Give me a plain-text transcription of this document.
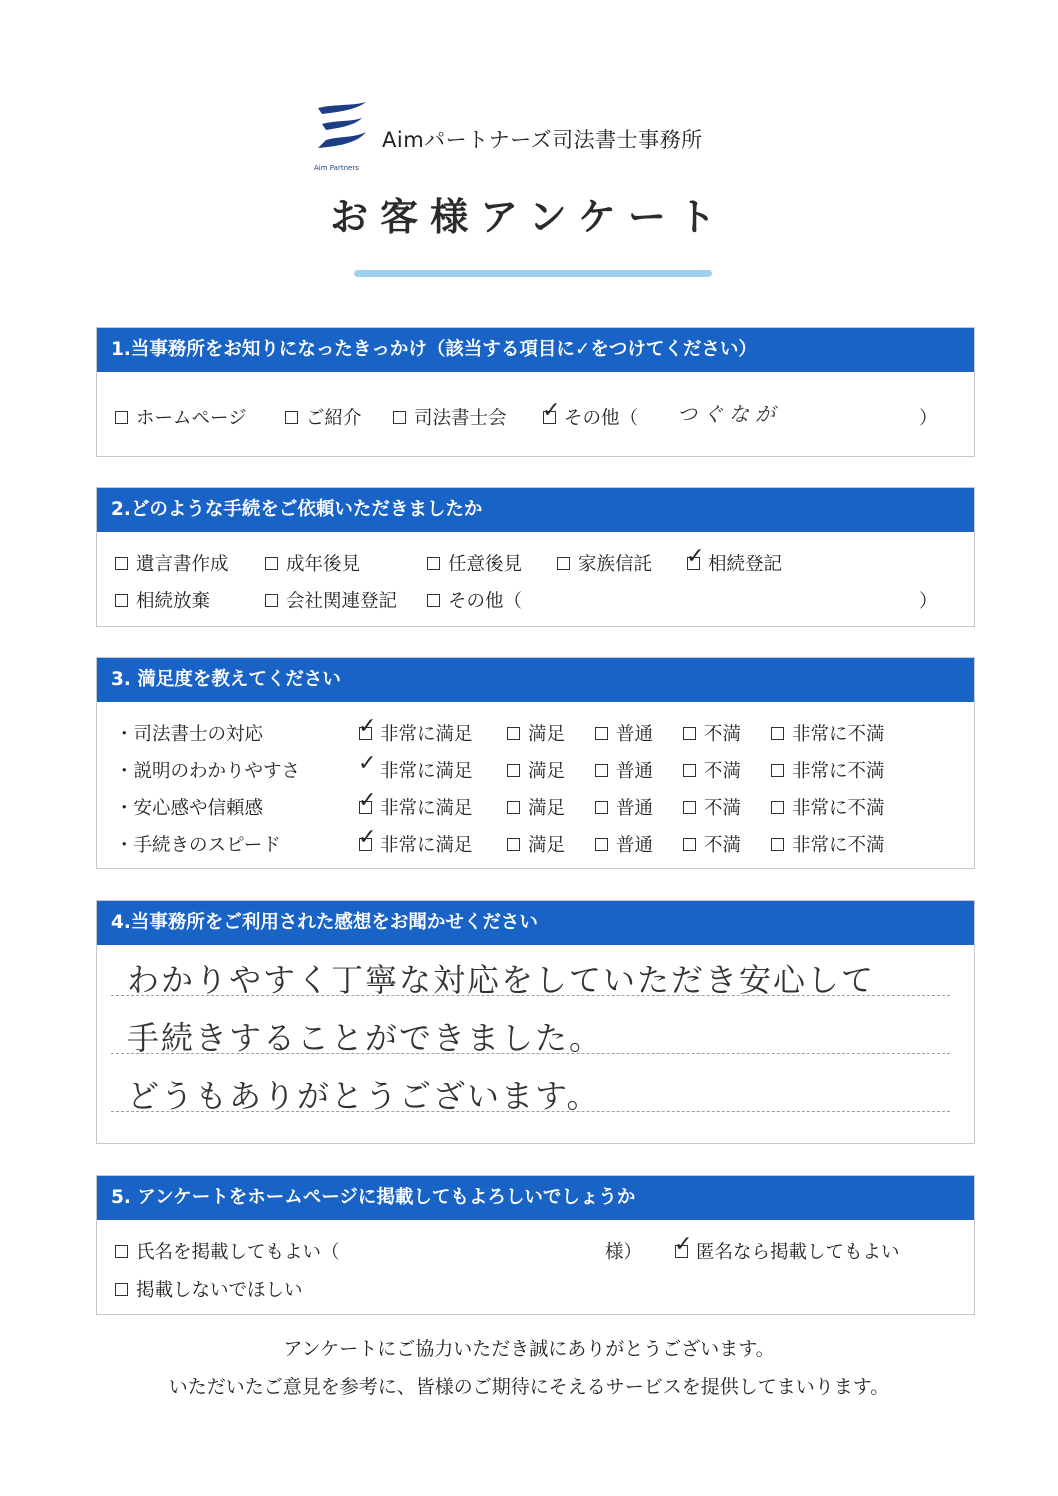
Aim Partners
Aimパートナーズ司法書士事務所
お客様アンケート
1.当事務所をお知りになったきっかけ（該当する項目に✓をつけてください）
ホームページ	ご紹介	司法書士会 ✓ その他（ つぐなが	）
2.どのような手続をご依頼いただきましたか
遺言書作成	成年後見	任意後見	家族信託 ✓ 相続登記
相続放棄	会社関連登記	その他（	）
3. 満足度を教えてください
・司法書士の対応	✓ 非常に満足	満足	普通	不満	非常に不満
・説明のわかりやすさ	✓ 非常に満足	満足	普通	不満	非常に不満
・安心感や信頼感	✓ 非常に満足	満足	普通	不満	非常に不満
・手続きのスピード	✓ 非常に満足	満足	普通	不満	非常に不満
4.当事務所をご利用された感想をお聞かせください
わかりやすく丁寧な対応をしていただき安心して
手続きすることができました。
どうもありがとうございます。
5. アンケートをホームページに掲載してもよろしいでしょうか
氏名を掲載してもよい（	様） ✓ 匿名なら掲載してもよい
掲載しないでほしい
アンケートにご協力いただき誠にありがとうございます。
いただいたご意見を参考に、皆様のご期待にそえるサービスを提供してまいります。
